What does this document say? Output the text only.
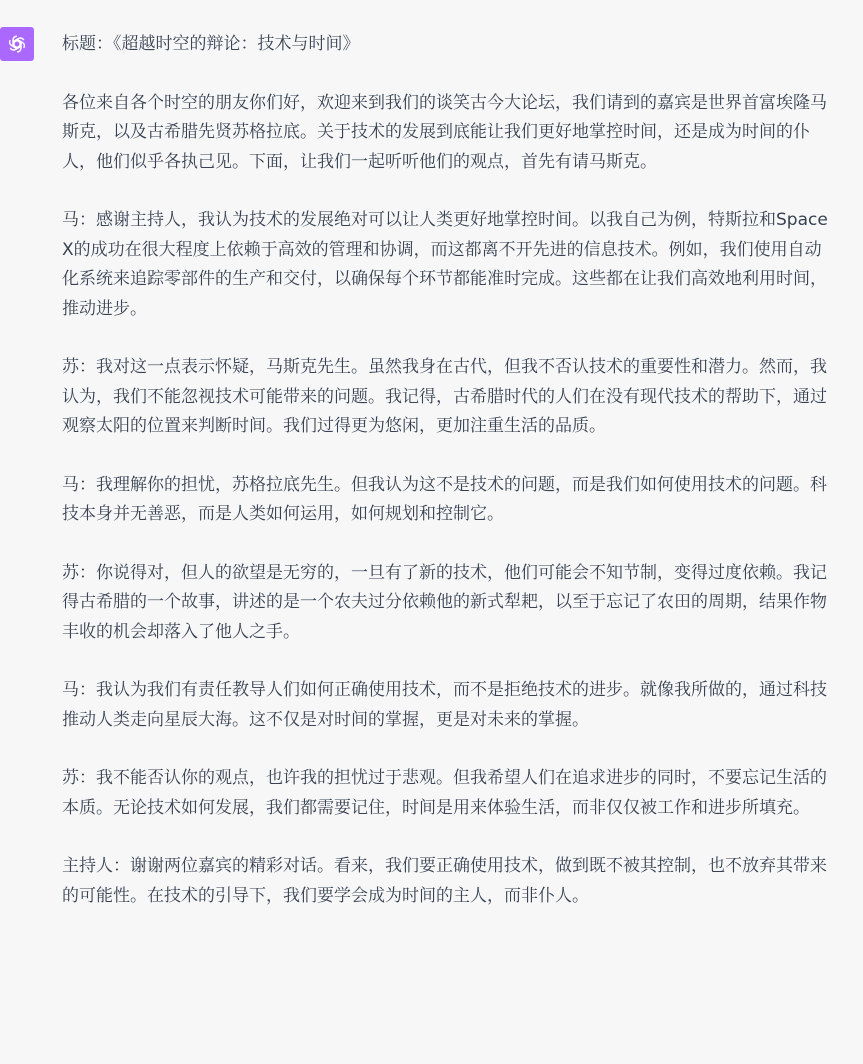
标题：《超越时空的辩论：技术与时间》

各位来自各个时空的朋友你们好，欢迎来到我们的谈笑古今大论坛，我们请到的嘉宾是世界首富埃隆马斯克，以及古希腊先贤苏格拉底。关于技术的发展到底能让我们更好地掌控时间，还是成为时间的仆人，他们似乎各执己见。下面，让我们一起听听他们的观点，首先有请马斯克。

马：感谢主持人，我认为技术的发展绝对可以让人类更好地掌控时间。以我自己为例，特斯拉和SpaceX的成功在很大程度上依赖于高效的管理和协调，而这都离不开先进的信息技术。例如，我们使用自动化系统来追踪零部件的生产和交付，以确保每个环节都能准时完成。这些都在让我们高效地利用时间，推动进步。

苏：我对这一点表示怀疑，马斯克先生。虽然我身在古代，但我不否认技术的重要性和潜力。然而，我认为，我们不能忽视技术可能带来的问题。我记得，古希腊时代的人们在没有现代技术的帮助下，通过观察太阳的位置来判断时间。我们过得更为悠闲，更加注重生活的品质。

马：我理解你的担忧，苏格拉底先生。但我认为这不是技术的问题，而是我们如何使用技术的问题。科技本身并无善恶，而是人类如何运用，如何规划和控制它。

苏：你说得对，但人的欲望是无穷的，一旦有了新的技术，他们可能会不知节制，变得过度依赖。我记得古希腊的一个故事，讲述的是一个农夫过分依赖他的新式犁耙，以至于忘记了农田的周期，结果作物丰收的机会却落入了他人之手。

马：我认为我们有责任教导人们如何正确使用技术，而不是拒绝技术的进步。就像我所做的，通过科技推动人类走向星辰大海。这不仅是对时间的掌握，更是对未来的掌握。

苏：我不能否认你的观点，也许我的担忧过于悲观。但我希望人们在追求进步的同时，不要忘记生活的本质。无论技术如何发展，我们都需要记住，时间是用来体验生活，而非仅仅被工作和进步所填充。

主持人：谢谢两位嘉宾的精彩对话。看来，我们要正确使用技术，做到既不被其控制，也不放弃其带来的可能性。在技术的引导下，我们要学会成为时间的主人，而非仆人。
